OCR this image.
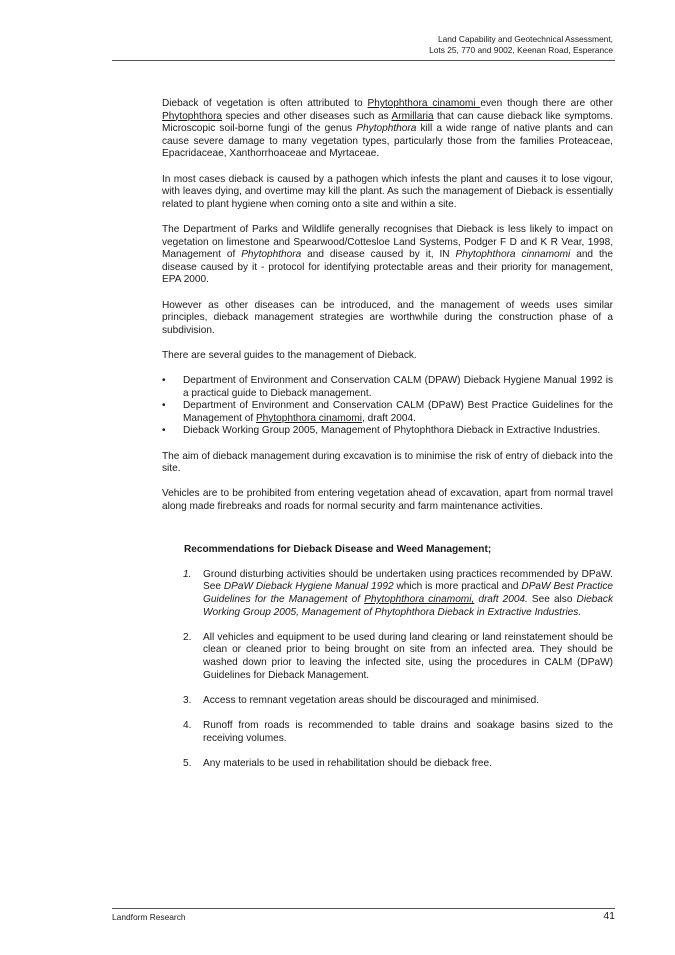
Land Capability and Geotechnical Assessment,
Lots 25, 770 and 9002, Keenan Road, Esperance

Dieback of vegetation is often attributed to Phytophthora cinamomi even though there are other Phytophthora species and other diseases such as Armillaria that can cause dieback like symptoms. Microscopic soil-borne fungi of the genus Phytophthora kill a wide range of native plants and can cause severe damage to many vegetation types, particularly those from the families Proteaceae, Epacridaceae, Xanthorrhoaceae and Myrtaceae.

In most cases dieback is caused by a pathogen which infests the plant and causes it to lose vigour, with leaves dying, and overtime may kill the plant. As such the management of Dieback is essentially related to plant hygiene when coming onto a site and within a site.

The Department of Parks and Wildlife generally recognises that Dieback is less likely to impact on vegetation on limestone and Spearwood/Cottesloe Land Systems, Podger F D and K R Vear, 1998, Management of Phytophthora and disease caused by it, IN Phytophthora cinnamomi and the disease caused by it - protocol for identifying protectable areas and their priority for management, EPA 2000.

However as other diseases can be introduced, and the management of weeds uses similar principles, dieback management strategies are worthwhile during the construction phase of a subdivision.

There are several guides to the management of Dieback.

• Department of Environment and Conservation CALM (DPAW) Dieback Hygiene Manual 1992 is a practical guide to Dieback management.
• Department of Environment and Conservation CALM (DPaW) Best Practice Guidelines for the Management of Phytophthora cinamomi, draft 2004.
• Dieback Working Group 2005, Management of Phytophthora Dieback in Extractive Industries.

The aim of dieback management during excavation is to minimise the risk of entry of dieback into the site.

Vehicles are to be prohibited from entering vegetation ahead of excavation, apart from normal travel along made firebreaks and roads for normal security and farm maintenance activities.

Recommendations for Dieback Disease and Weed Management;

1. Ground disturbing activities should be undertaken using practices recommended by DPaW. See DPaW Dieback Hygiene Manual 1992 which is more practical and DPaW Best Practice Guidelines for the Management of Phytophthora cinamomi, draft 2004. See also Dieback Working Group 2005, Management of Phytophthora Dieback in Extractive Industries.
2. All vehicles and equipment to be used during land clearing or land reinstatement should be clean or cleaned prior to being brought on site from an infected area. They should be washed down prior to leaving the infected site, using the procedures in CALM (DPaW) Guidelines for Dieback Management.
3. Access to remnant vegetation areas should be discouraged and minimised.
4. Runoff from roads is recommended to table drains and soakage basins sized to the receiving volumes.
5. Any materials to be used in rehabilitation should be dieback free.
Landform Research	41
